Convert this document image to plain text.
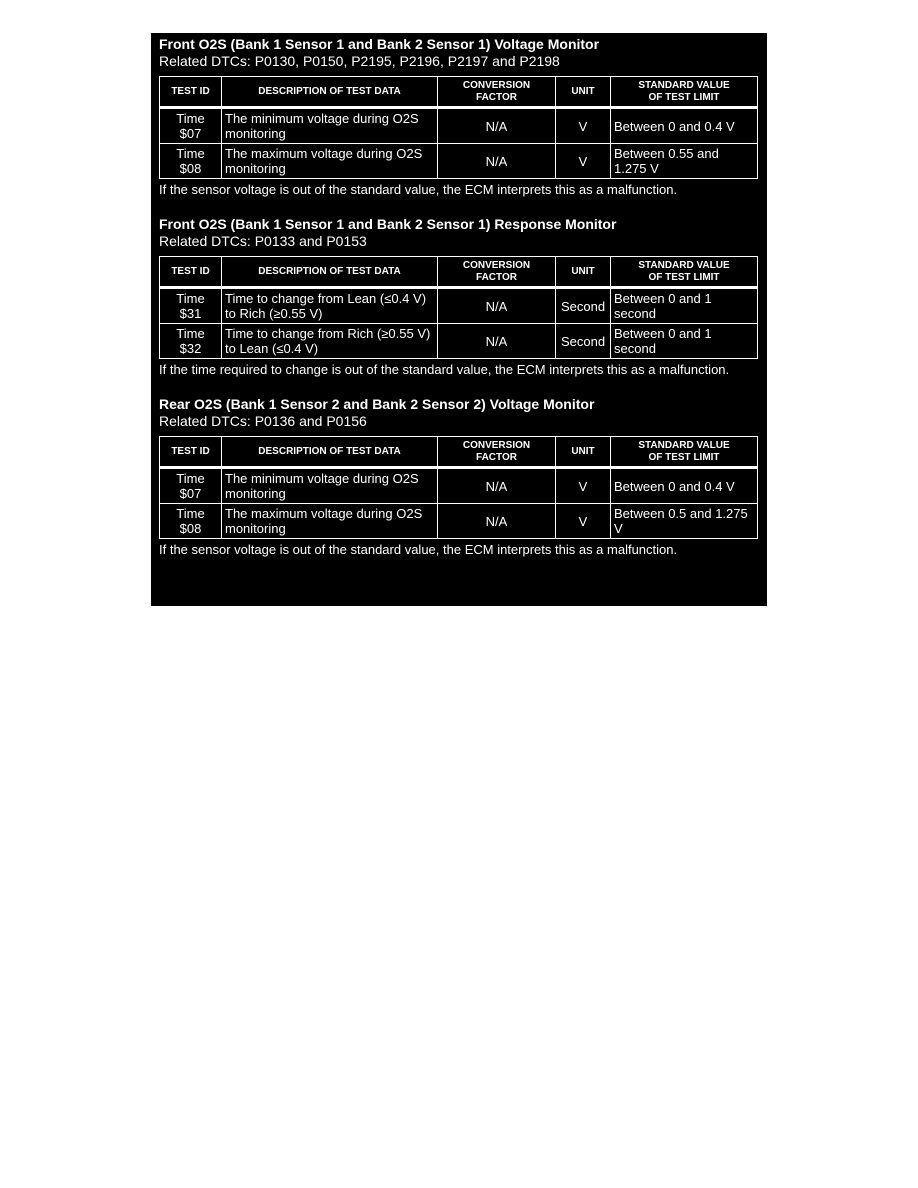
Front O2S (Bank 1 Sensor 1 and Bank 2 Sensor 1) Voltage Monitor
Related DTCs: P0130, P0150, P2195, P2196, P2197 and P2198
TEST ID	DESCRIPTION OF TEST DATA	CONVERSION
FACTOR	UNIT	STANDARD VALUE
OF TEST LIMIT
Time
$07	The minimum voltage during O2S monitoring	N/A	V	Between 0 and 0.4 V
Time
$08	The maximum voltage during O2S monitoring	N/A	V	Between 0.55 and 1.275 V
If the sensor voltage is out of the standard value, the ECM interprets this as a malfunction.
Front O2S (Bank 1 Sensor 1 and Bank 2 Sensor 1) Response Monitor
Related DTCs: P0133 and P0153
TEST ID	DESCRIPTION OF TEST DATA	CONVERSION
FACTOR	UNIT	STANDARD VALUE
OF TEST LIMIT
Time
$31	Time to change from Lean (≤0.4 V) to Rich (≥0.55 V)	N/A	Second	Between 0 and 1 second
Time
$32	Time to change from Rich (≥0.55 V) to Lean (≤0.4 V)	N/A	Second	Between 0 and 1 second
If the time required to change is out of the standard value, the ECM interprets this as a malfunction.
Rear O2S (Bank 1 Sensor 2 and Bank 2 Sensor 2) Voltage Monitor
Related DTCs: P0136 and P0156
TEST ID	DESCRIPTION OF TEST DATA	CONVERSION
FACTOR	UNIT	STANDARD VALUE
OF TEST LIMIT
Time
$07	The minimum voltage during O2S monitoring	N/A	V	Between 0 and 0.4 V
Time
$08	The maximum voltage during O2S monitoring	N/A	V	Between 0.5 and 1.275 V
If the sensor voltage is out of the standard value, the ECM interprets this as a malfunction.
